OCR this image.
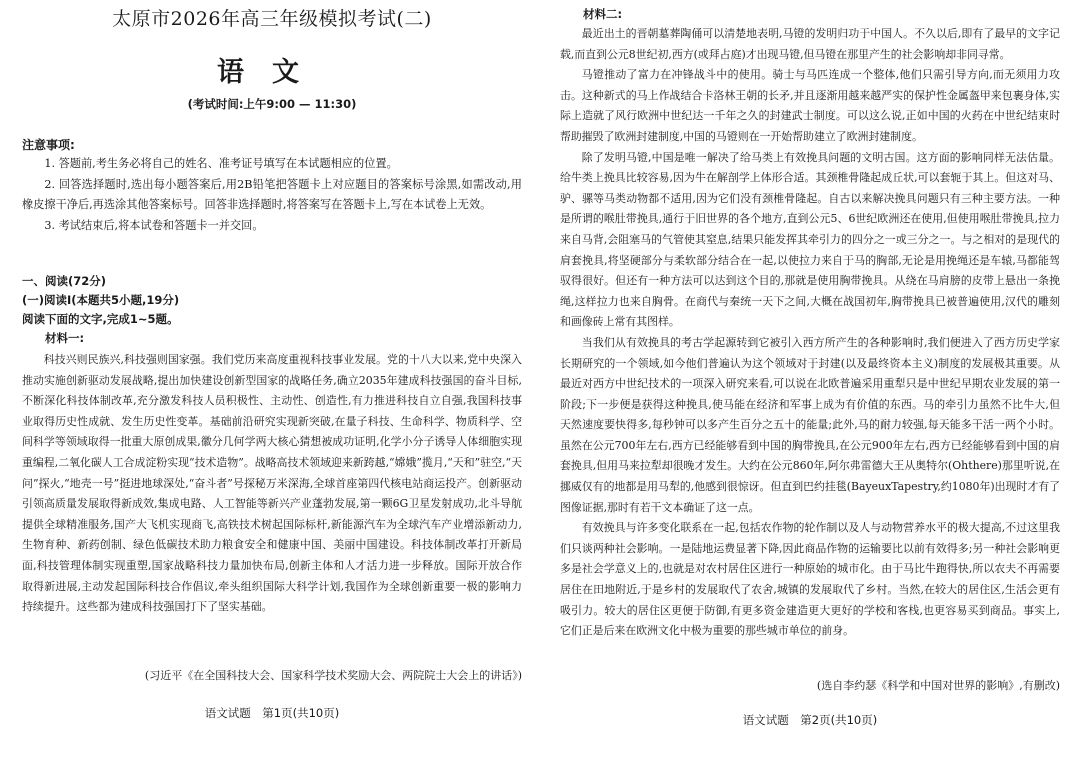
太原市2026年高三年级模拟考试(二)
语文
(考试时间:上午9:00 — 11:30)
注意事项:

1. 答题前,考生务必将自己的姓名、准考证号填写在本试题相应的位置。

2. 回答选择题时,选出每小题答案后,用2B铅笔把答题卡上对应题目的答案标号涂黑,如需改动,用橡皮擦干净后,再选涂其他答案标号。回答非选择题时,将答案写在答题卡上,写在本试卷上无效。

3. 考试结束后,将本试卷和答题卡一并交回。

一、阅读(72分)
(一)阅读Ⅰ(本题共5小题,19分)
阅读下面的文字,完成1~5题。
材料一:

科技兴则民族兴,科技强则国家强。我们党历来高度重视科技事业发展。党的十八大以来,党中央深入推动实施创新驱动发展战略,提出加快建设创新型国家的战略任务,确立2035年建成科技强国的奋斗目标,不断深化科技体制改革,充分激发科技人员积极性、主动性、创造性,有力推进科技自立自强,我国科技事业取得历史性成就、发生历史性变革。基础前沿研究实现新突破,在量子科技、生命科学、物质科学、空间科学等领域取得一批重大原创成果,徽分几何学两大核心猜想被成功证明,化学小分子诱导人体细胞实现重编程,二氧化碳人工合成淀粉实现“技术造物”。战略高技术领域迎来新跨越,“嫦娥”揽月,“天和”驻空,“天问”探火,“地壳一号”挺进地球深处,“奋斗者”号探秘万米深海,全球首座第四代核电站商运投产。创新驱动引领高质量发展取得新成效,集成电路、人工智能等新兴产业蓬勃发展,第一颗6G卫星发射成功,北斗导航提供全球精准服务,国产大飞机实现商飞,高铁技术树起国际标杆,新能源汽车为全球汽车产业增添新动力,生物育种、新药创制、绿色低碳技术助力粮食安全和健康中国、美丽中国建设。科技体制改革打开新局面,科技管理体制实现重塑,国家战略科技力量加快布局,创新主体和人才活力进一步释放。国际开放合作取得新进展,主动发起国际科技合作倡议,牵头组织国际大科学计划,我国作为全球创新重要一极的影响力持续提升。这些都为建成科技强国打下了坚实基础。

(习近平《在全国科技大会、国家科学技术奖励大会、两院院士大会上的讲话》)
语文试题　第1页(共10页)
材料二:

最近出土的晋朝墓葬陶俑可以清楚地表明,马镫的发明归功于中国人。不久以后,即有了最早的文字记载,而直到公元8世纪初,西方(或拜占庭)才出现马镫,但马镫在那里产生的社会影响却非同寻常。

马镫推动了富力在冲锋战斗中的使用。骑士与马匹连成一个整体,他们只需引导方向,而无须用力攻击。这种新式的马上作战结合卡洛林王朝的长矛,并且逐渐用越来越严实的保护性金属盔甲来包裹身体,实际上造就了风行欧洲中世纪达一千年之久的封建武士制度。可以这么说,正如中国的火药在中世纪结束时帮助摧毁了欧洲封建制度,中国的马镫则在一开始帮助建立了欧洲封建制度。

除了发明马镫,中国是唯一解决了给马类上有效挽具问题的文明古国。这方面的影响同样无法估量。给牛类上挽具比较容易,因为牛在解剖学上体形合适。其颈椎骨隆起成丘状,可以套轭于其上。但这对马、驴、骡等马类动物都不适用,因为它们没有颈椎骨隆起。自古以来解决挽具问题只有三种主要方法。一种是所谓的喉肚带挽具,通行于旧世界的各个地方,直到公元5、6世纪欧洲还在使用,但使用喉肚带挽具,拉力来自马背,会阻塞马的气管使其窒息,结果只能发挥其牵引力的四分之一或三分之一。与之相对的是现代的肩套挽具,将坚硬部分与柔软部分结合在一起,以使拉力来自于马的胸部,无论是用挽绳还是车辕,马都能驾驭得很好。但还有一种方法可以达到这个目的,那就是使用胸带挽具。从绕在马肩膀的皮带上悬出一条挽绳,这样拉力也来自胸骨。在商代与秦统一天下之间,大概在战国初年,胸带挽具已被普遍使用,汉代的雕刻和画像砖上常有其图样。

当我们从有效挽具的考古学起源转到它被引入西方所产生的各种影响时,我们便进入了西方历史学家长期研究的一个领域,如今他们普遍认为这个领域对于封建(以及最终资本主义)制度的发展极其重要。从最近对西方中世纪技术的一项深入研究来看,可以说在北欧普遍采用重犁只是中世纪早期农业发展的第一阶段;下一步便是获得这种挽具,使马能在经济和军事上成为有价值的东西。马的牵引力虽然不比牛大,但天然速度要快得多,每秒钟可以多产生百分之五十的能量;此外,马的耐力较强,每天能多干活一两个小时。虽然在公元700年左右,西方已经能够看到中国的胸带挽具,在公元900年左右,西方已经能够看到中国的肩套挽具,但用马来拉犁却很晚才发生。大约在公元860年,阿尔弗雷德大王从奥特尔(Ohthere)那里听说,在挪威仅有的地都是用马犁的,他感到很惊讶。但直到巴约挂毯(BayeuxTapestry,约1080年)出现时才有了图像证据,那时有若干文本确证了这一点。

有效挽具与许多变化联系在一起,包括农作物的轮作制以及人与动物营养水平的极大提高,不过这里我们只谈两种社会影响。一是陆地运费显著下降,因此商品作物的运输要比以前有效得多;另一种社会影响更多是社会学意义上的,也就是对农村居住区进行一种原始的城市化。由于马比牛跑得快,所以农夫不再需要居住在田地附近,于是乡村的发展取代了农舍,城镇的发展取代了乡村。当然,在较大的居住区,生活会更有吸引力。较大的居住区更便于防御,有更多资金建造更大更好的学校和客栈,也更容易买到商品。事实上,它们正是后来在欧洲文化中极为重要的那些城市单位的前身。

(选自李约瑟《科学和中国对世界的影响》,有删改)
语文试题　第2页(共10页)
